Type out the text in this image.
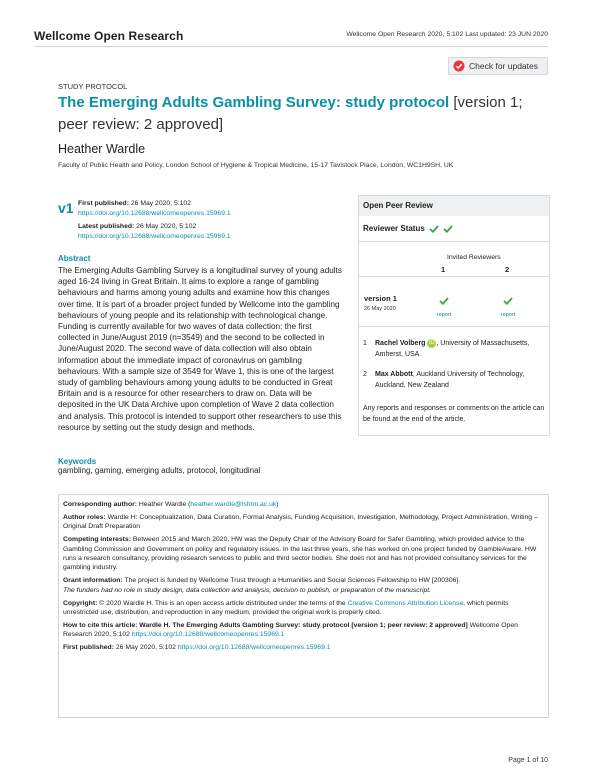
Wellcome Open Research	Wellcome Open Research 2020, 5:102 Last updated: 23 JUN 2020
Check for updates
STUDY PROTOCOL
The Emerging Adults Gambling Survey: study protocol [version 1; peer review: 2 approved]
Heather Wardle
Faculty of Public Health and Policy, London School of Hygiene & Tropical Medicine, 15-17 Tavistock Place, London, WC1H9SH, UK
v1 First published: 26 May 2020, 5:102
https://doi.org/10.12688/wellcomeopenres.15969.1
Latest published: 26 May 2020, 5:102
https://doi.org/10.12688/wellcomeopenres.15969.1
Abstract
The Emerging Adults Gambling Survey is a longitudinal survey of young adults aged 16-24 living in Great Britain. It aims to explore a range of gambling behaviours and harms among young adults and examine how this changes over time. It is part of a broader project funded by Wellcome into the gambling behaviours of young people and its relationship with technological change. Funding is currently available for two waves of data collection: the first collected in June/August 2019 (n=3549) and the second to be collected in June/August 2020. The second wave of data collection will also obtain information about the immediate impact of coronavirus on gambling behaviours. With a sample size of 3549 for Wave 1, this is one of the largest study of gambling behaviours among young adults to be conducted in Great Britain and is a resource for other researchers to draw on. Data will be deposited in the UK Data Archive upon completion of Wave 2 data collection and analysis. This protocol is intended to support other researchers to use this resource by setting out the study design and methods.
Keywords
gambling, gaming, emerging adults, protocol, longitudinal
Open Peer Review
Reviewer Status
Invited Reviewers
1	2
version 1
26 May 2020
report	report
1 Rachel Volberg iD , University of Massachusetts, Amherst, USA
2 Max Abbott, Auckland University of Technology, Auckland, New Zealand
Any reports and responses or comments on the article can be found at the end of the article.

Corresponding author: Heather Wardle (heather.wardle@lshtm.ac.uk)

Author roles: Wardle H: Conceptualization, Data Curation, Formal Analysis, Funding Acquisition, Investigation, Methodology, Project Administration, Writing – Original Draft Preparation

Competing interests: Between 2015 and March 2020, HW was the Deputy Chair of the Advisory Board for Safer Gambling, which provided advice to the Gambling Commission and Government on policy and regulatory issues. In the last three years, she has worked on one project funded by GambleAware. HW runs a research consultancy, providing research services to public and third sector bodies. She does not and has not provided consultancy services for the gambling industry.

Grant information: The project is funded by Wellcome Trust through a Humanities and Social Sciences Fellowship to HW [200306].
The funders had no role in study design, data collection and analysis, decision to publish, or preparation of the manuscript.

Copyright: © 2020 Wardle H. This is an open access article distributed under the terms of the Creative Commons Attribution License, which permits unrestricted use, distribution, and reproduction in any medium, provided the original work is properly cited.

How to cite this article: Wardle H. The Emerging Adults Gambling Survey: study protocol [version 1; peer review: 2 approved] Wellcome Open Research 2020, 5:102 https://doi.org/10.12688/wellcomeopenres.15969.1

First published: 26 May 2020, 5:102 https://doi.org/10.12688/wellcomeopenres.15969.1

Page 1 of 10
